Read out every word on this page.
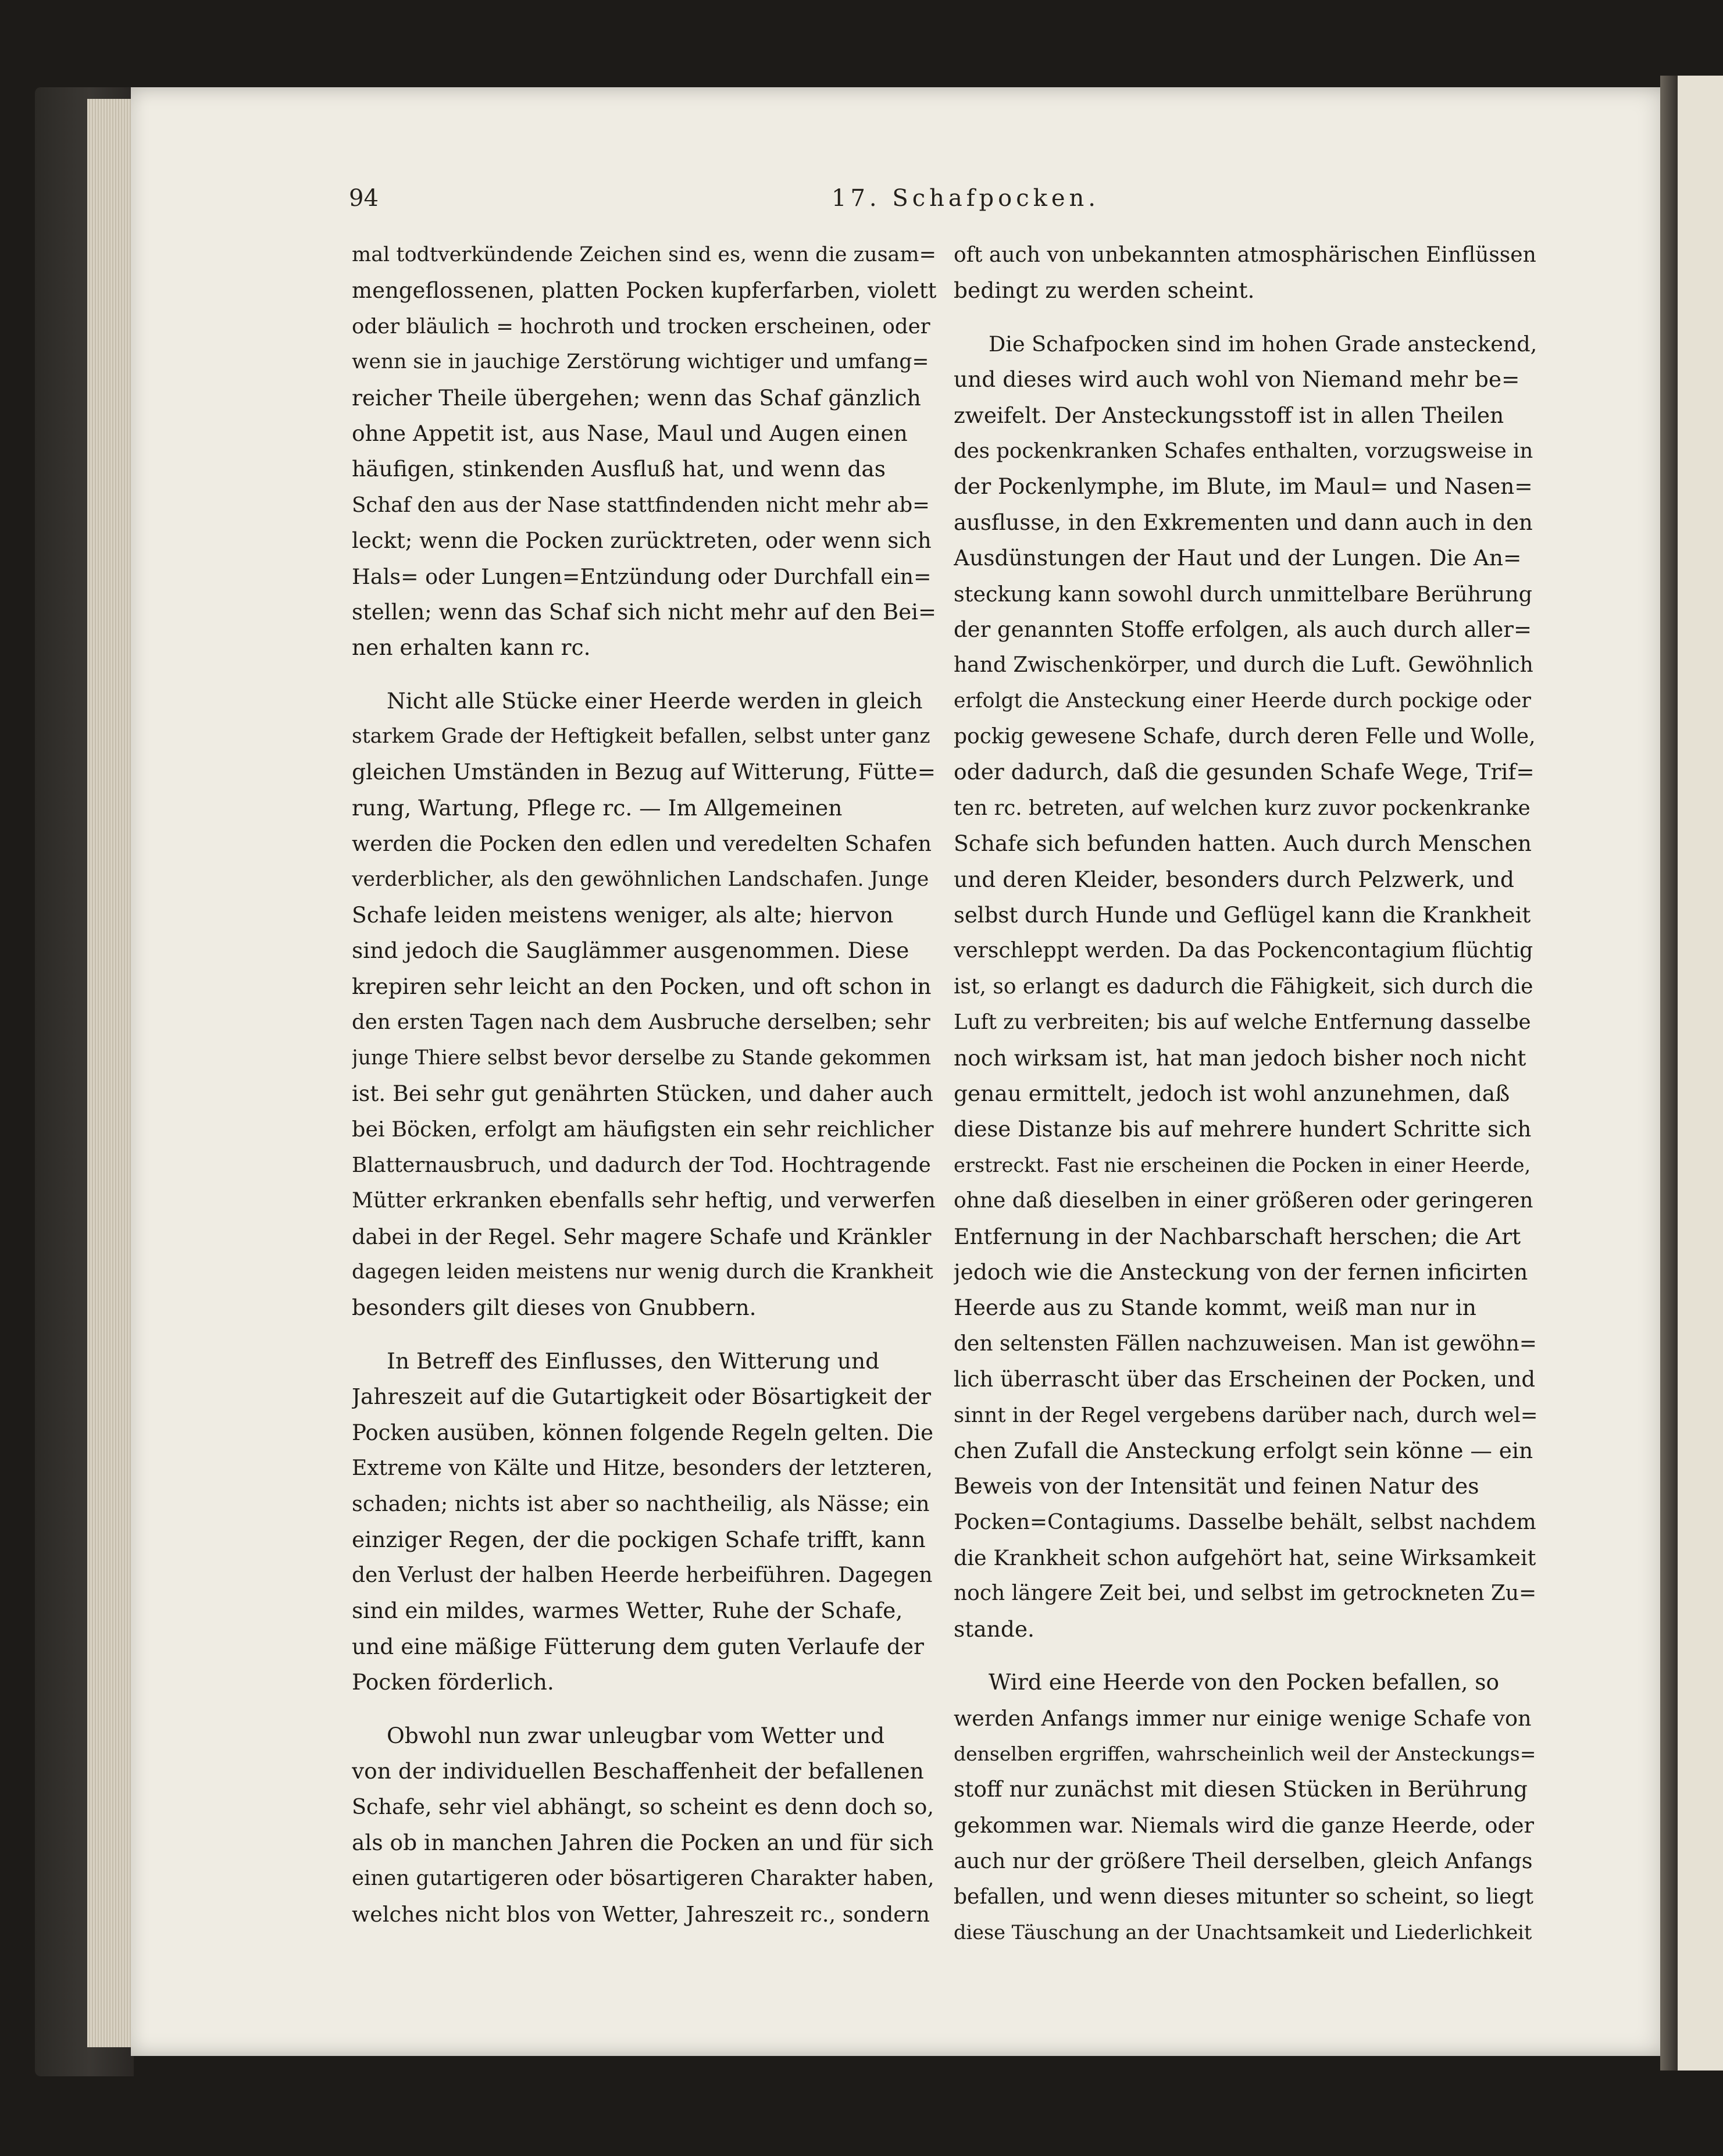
94	17. Schafpocken.
mal todtverkündende Zeichen sind es, wenn die zusam=
mengeflossenen, platten Pocken kupferfarben, violett
oder bläulich = hochroth und trocken erscheinen, oder
wenn sie in jauchige Zerstörung wichtiger und umfang=
reicher Theile übergehen; wenn das Schaf gänzlich
ohne Appetit ist, aus Nase, Maul und Augen einen
häufigen, stinkenden Ausfluß hat, und wenn das
Schaf den aus der Nase stattfindenden nicht mehr ab=
leckt; wenn die Pocken zurücktreten, oder wenn sich
Hals= oder Lungen=Entzündung oder Durchfall ein=
stellen; wenn das Schaf sich nicht mehr auf den Bei=
nen erhalten kann rc.
Nicht alle Stücke einer Heerde werden in gleich
starkem Grade der Heftigkeit befallen, selbst unter ganz
gleichen Umständen in Bezug auf Witterung, Fütte=
rung, Wartung, Pflege rc. — Im Allgemeinen
werden die Pocken den edlen und veredelten Schafen
verderblicher, als den gewöhnlichen Landschafen. Junge
Schafe leiden meistens weniger, als alte; hiervon
sind jedoch die Sauglämmer ausgenommen. Diese
krepiren sehr leicht an den Pocken, und oft schon in
den ersten Tagen nach dem Ausbruche derselben; sehr
junge Thiere selbst bevor derselbe zu Stande gekommen
ist. Bei sehr gut genährten Stücken, und daher auch
bei Böcken, erfolgt am häufigsten ein sehr reichlicher
Blatternausbruch, und dadurch der Tod. Hochtragende
Mütter erkranken ebenfalls sehr heftig, und verwerfen
dabei in der Regel. Sehr magere Schafe und Kränkler
dagegen leiden meistens nur wenig durch die Krankheit
besonders gilt dieses von Gnubbern.
In Betreff des Einflusses, den Witterung und
Jahreszeit auf die Gutartigkeit oder Bösartigkeit der
Pocken ausüben, können folgende Regeln gelten. Die
Extreme von Kälte und Hitze, besonders der letzteren,
schaden; nichts ist aber so nachtheilig, als Nässe; ein
einziger Regen, der die pockigen Schafe trifft, kann
den Verlust der halben Heerde herbeiführen. Dagegen
sind ein mildes, warmes Wetter, Ruhe der Schafe,
und eine mäßige Fütterung dem guten Verlaufe der
Pocken förderlich.
Obwohl nun zwar unleugbar vom Wetter und
von der individuellen Beschaffenheit der befallenen
Schafe, sehr viel abhängt, so scheint es denn doch so,
als ob in manchen Jahren die Pocken an und für sich
einen gutartigeren oder bösartigeren Charakter haben,
welches nicht blos von Wetter, Jahreszeit rc., sondern
oft auch von unbekannten atmosphärischen Einflüssen
bedingt zu werden scheint.
Die Schafpocken sind im hohen Grade ansteckend,
und dieses wird auch wohl von Niemand mehr be=
zweifelt. Der Ansteckungsstoff ist in allen Theilen
des pockenkranken Schafes enthalten, vorzugsweise in
der Pockenlymphe, im Blute, im Maul= und Nasen=
ausflusse, in den Exkrementen und dann auch in den
Ausdünstungen der Haut und der Lungen. Die An=
steckung kann sowohl durch unmittelbare Berührung
der genannten Stoffe erfolgen, als auch durch aller=
hand Zwischenkörper, und durch die Luft. Gewöhnlich
erfolgt die Ansteckung einer Heerde durch pockige oder
pockig gewesene Schafe, durch deren Felle und Wolle,
oder dadurch, daß die gesunden Schafe Wege, Trif=
ten rc. betreten, auf welchen kurz zuvor pockenkranke
Schafe sich befunden hatten. Auch durch Menschen
und deren Kleider, besonders durch Pelzwerk, und
selbst durch Hunde und Geflügel kann die Krankheit
verschleppt werden. Da das Pockencontagium flüchtig
ist, so erlangt es dadurch die Fähigkeit, sich durch die
Luft zu verbreiten; bis auf welche Entfernung dasselbe
noch wirksam ist, hat man jedoch bisher noch nicht
genau ermittelt, jedoch ist wohl anzunehmen, daß
diese Distanze bis auf mehrere hundert Schritte sich
erstreckt. Fast nie erscheinen die Pocken in einer Heerde,
ohne daß dieselben in einer größeren oder geringeren
Entfernung in der Nachbarschaft herschen; die Art
jedoch wie die Ansteckung von der fernen inficirten
Heerde aus zu Stande kommt, weiß man nur in
den seltensten Fällen nachzuweisen. Man ist gewöhn=
lich überrascht über das Erscheinen der Pocken, und
sinnt in der Regel vergebens darüber nach, durch wel=
chen Zufall die Ansteckung erfolgt sein könne — ein
Beweis von der Intensität und feinen Natur des
Pocken=Contagiums. Dasselbe behält, selbst nachdem
die Krankheit schon aufgehört hat, seine Wirksamkeit
noch längere Zeit bei, und selbst im getrockneten Zu=
stande.
Wird eine Heerde von den Pocken befallen, so
werden Anfangs immer nur einige wenige Schafe von
denselben ergriffen, wahrscheinlich weil der Ansteckungs=
stoff nur zunächst mit diesen Stücken in Berührung
gekommen war. Niemals wird die ganze Heerde, oder
auch nur der größere Theil derselben, gleich Anfangs
befallen, und wenn dieses mitunter so scheint, so liegt
diese Täuschung an der Unachtsamkeit und Liederlichkeit
